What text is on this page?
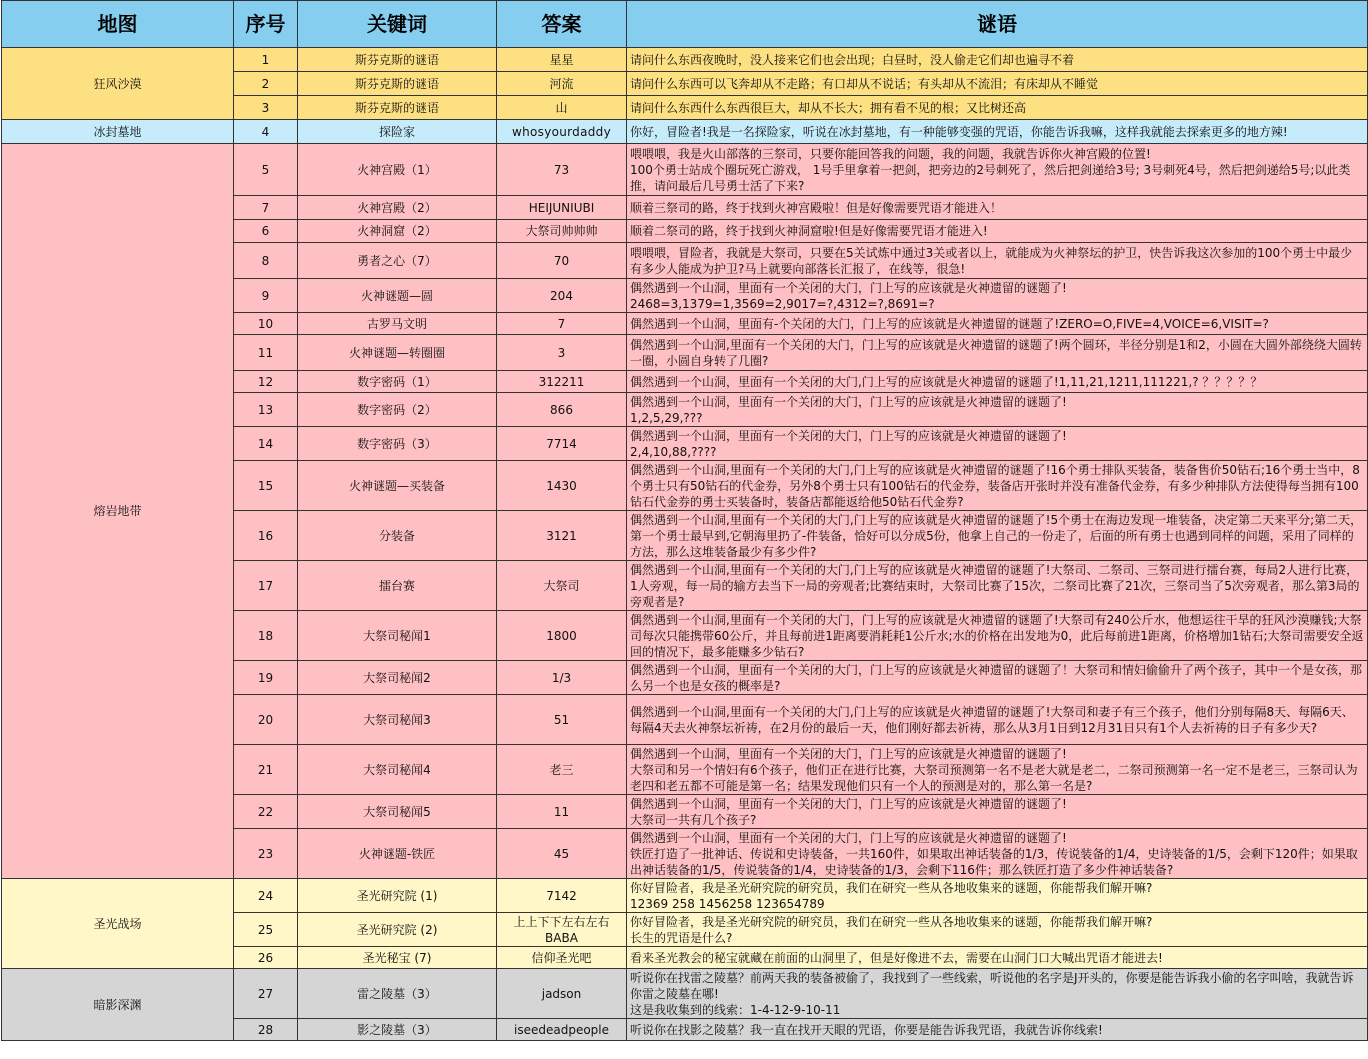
地图	序号	关键词	答案	谜语
狂风沙漠	1	斯芬克斯的谜语	星星	请问什么东西夜晚时，没人接来它们也会出现；白昼时，没人偷走它们却也遍寻不着
	2	斯芬克斯的谜语	河流	请问什么东西可以飞奔却从不走路；有口却从不说话；有头却从不流泪；有床却从不睡觉
	3	斯芬克斯的谜语	山	请问什么东西什么东西很巨大，却从不长大；拥有看不见的根；又比树还高
冰封墓地	4	探险家	whosyourdaddy	你好，冒险者!我是一名探险家，听说在冰封墓地，有一种能够变强的咒语，你能告诉我嘛，这样我就能去探索更多的地方辣!
熔岩地带	5	火神宫殿（1）	73	喂喂喂，我是火山部落的三祭司，只要你能回答我的问题，我的问题，我就告诉你火神宫殿的位置!
100个勇士站成个圈玩死亡游戏， 1号手里拿着一把剑，把旁边的2号刺死了，然后把剑递给3号; 3号刺死4号，然后把剑递给5号;以此类推，请问最后几号勇士活了下来?
	7	火神宫殿（2）	HEIJUNIUBI	顺着三祭司的路，终于找到火神宫殿啦！但是好像需要咒语才能进入！
	6	火神洞窟（2）	大祭司帅帅帅	顺着二祭司的路，终于找到火神洞窟啦!但是好像需要咒语才能进入!
	8	勇者之心（7）	70	喂喂喂，冒险者，我就是大祭司，只要在5关试炼中通过3关或者以上，就能成为火神祭坛的护卫，快告诉我这次参加的100个勇士中最少有多少人能成为护卫?马上就要向部落长汇报了，在线等，很急!
	9	火神谜题—圆	204	偶然遇到一个山洞，里面有一个关闭的大门，门上写的应该就是火神遗留的谜题了!
2468=3,1379=1,3569=2,9017=?,4312=?,8691=?
	10	古罗马文明	7	偶然遇到一个山洞，里面有-个关闭的大门，门上写的应该就是火神遗留的谜题了!ZERO=O,FIVE=4,VOICE=6,VISIT=?
	11	火神谜题—转圈圈	3	偶然遇到一个山洞,里面有一个关闭的大门，门上写的应该就是火神遗留的谜题了!两个圆环，半径分别是1和2，小圆在大圆外部绕绕大圆转一圈，小圆自身转了几圈?
	12	数字密码（1）	312211	偶然遇到一个山洞，里面有一个关闭的大门,门上写的应该就是火神遗留的谜题了!1,11,21,1211,111221,? ？？？？？
	13	数字密码（2）	866	偶然遇到一个山洞，里面有一个关闭的大门，门上写的应该就是火神遗留的谜题了!
1,2,5,29,???
	14	数字密码（3）	7714	偶然遇到一个山洞，里面有一个关闭的大门，门上写的应该就是火神遗留的谜题了!
2,4,10,88,????
	15	火神谜题—买装备	1430	偶然遇到一个山洞,里面有一个关闭的大门,门上写的应该就是火神遗留的谜题了!16个勇士排队买装备，装备售价50钻石;16个勇士当中，8个勇士只有50钻石的代金券，另外8个勇士只有100钻石的代金券，装备店开张时并没有准备代金券，有多少种排队方法使得每当拥有100钻石代金券的勇士买装备时，装备店都能返给他50钻石代金券?
	16	分装备	3121	偶然遇到一个山洞,里面有一个关闭的大门,门上写的应该就是火神遗留的谜题了!5个勇士在海边发现一堆装备，决定第二天来平分;第二天，第一个勇士最早到,它朝海里扔了-件装备，恰好可以分成5份，他拿上自己的一份走了，后面的所有勇士也遇到同样的问题，采用了同样的方法，那么这堆装备最少有多少件?
	17	擂台赛	大祭司	偶然遇到一个山洞,里面有一个关闭的大门,门上写的应该就是火神遗留的谜题了!大祭司、二祭司、三祭司进行擂台赛，每局2人进行比赛，1人旁观，每一局的输方去当下一局的旁观者;比赛结束时，大祭司比赛了15次，二祭司比赛了21次，三祭司当了5次旁观者，那么第3局的旁观者是?
	18	大祭司秘闻1	1800	偶然遇到一个山洞,里面有一个关闭的大门，门上写的应该就是火神遗留的谜题了!大祭司有240公斤水，他想运往干旱的狂风沙漠赚钱;大祭司每次只能携带60公斤，并且每前进1距离要消耗耗1公斤水;水的价格在出发地为0，此后每前进1距离，价格增加1钻石;大祭司需要安全返回的情况下，最多能赚多少钻石?
	19	大祭司秘闻2	1/3	偶然遇到一个山洞，里面有一个关闭的大门，门上写的应该就是火神遗留的谜题了！大祭司和情妇偷偷升了两个孩子，其中一个是女孩，那么另一个也是女孩的概率是?
	20	大祭司秘闻3	51	偶然遇到一个山洞,里面有一个关闭的大门,门上写的应该就是火神遗留的谜题了!大祭司和妻子有三个孩子，他们分别每隔8天、每隔6天、每隔4天去火神祭坛祈祷，在2月份的最后一天，他们刚好都去祈祷，那么从3月1日到12月31日只有1个人去祈祷的日子有多少天?
	21	大祭司秘闻4	老三	偶然遇到一个山洞，里面有一个关闭的大门，门上写的应该就是火神遗留的谜题了!
大祭司和另一个情妇有6个孩子，他们正在进行比赛，大祭司预测第一名不是老大就是老二，二祭司预测第一名一定不是老三，三祭司认为老四和老五都不可能是第一名；结果发现他们只有一个人的预测是对的，那么第一名是?
	22	大祭司秘闻5	11	偶然遇到一个山洞，里面有一个关闭的大门，门上写的应该就是火神遗留的谜题了!
大祭司一共有几个孩子?
	23	火神谜题-铁匠	45	偶然遇到一个山洞，里面有一个关闭的大门，门上写的应该就是火神遗留的谜题了!
铁匠打造了一批神话、传说和史诗装备，一共160件，如果取出神话装备的1/3，传说装备的1/4，史诗装备的1/5，会剩下120件；如果取出神话装备的1/5，传说装备的1/4，史诗装备的1/3，会剩下116件；那么铁匠打造了多少件神话装备?
圣光战场	24	圣光研究院 (1)	7142	你好冒险者，我是圣光研究院的研究员，我们在研究一些从各地收集来的谜题，你能帮我们解开嘛?
12369 258 1456258 123654789
	25	圣光研究院 (2)	上上下下左右左右BABA	你好冒险者，我是圣光研究院的研究员，我们在研究一些从各地收集来的谜题，你能帮我们解开嘛?
长生的咒语是什么?
	26	圣光秘宝 (7)	信仰圣光吧	看来圣光教会的秘宝就藏在前面的山洞里了，但是好像进不去，需要在山洞门口大喊出咒语才能进去!
暗影深渊	27	雷之陵墓（3）	jadson	听说你在找雷之陵墓？前两天我的装备被偷了，我找到了一些线索，听说他的名字是J开头的，你要是能告诉我小偷的名字叫啥，我就告诉你雷之陵墓在哪!
这是我收集到的线索：1-4-12-9-10-11
	28	影之陵墓（3）	iseedeadpeople	听说你在找影之陵墓？我一直在找开天眼的咒语，你要是能告诉我咒语，我就告诉你线索!
